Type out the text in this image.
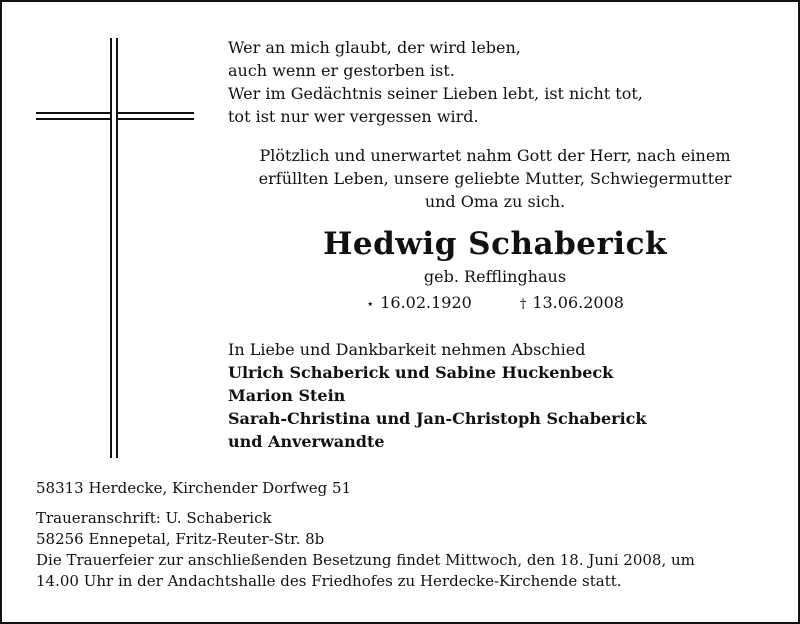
Wer an mich glaubt, der wird leben,
auch wenn er gestorben ist.
Wer im Gedächtnis seiner Lieben lebt, ist nicht tot,
tot ist nur wer vergessen wird.
Plötzlich und unerwartet nahm Gott der Herr, nach einem
erfüllten Leben, unsere geliebte Mutter, Schwiegermutter
und Oma zu sich.
Hedwig Schaberick
geb. Refflinghaus
⋆ 16.02.1920	† 13.06.2008
In Liebe und Dankbarkeit nehmen Abschied
Ulrich Schaberick und Sabine Huckenbeck
Marion Stein
Sarah-Christina und Jan-Christoph Schaberick
und Anverwandte
58313 Herdecke, Kirchender Dorfweg 51
Traueranschrift: U. Schaberick
58256 Ennepetal, Fritz-Reuter-Str. 8b
Die Trauerfeier zur anschließenden Besetzung findet Mittwoch, den 18. Juni 2008, um
14.00 Uhr in der Andachtshalle des Friedhofes zu Herdecke-Kirchende statt.
